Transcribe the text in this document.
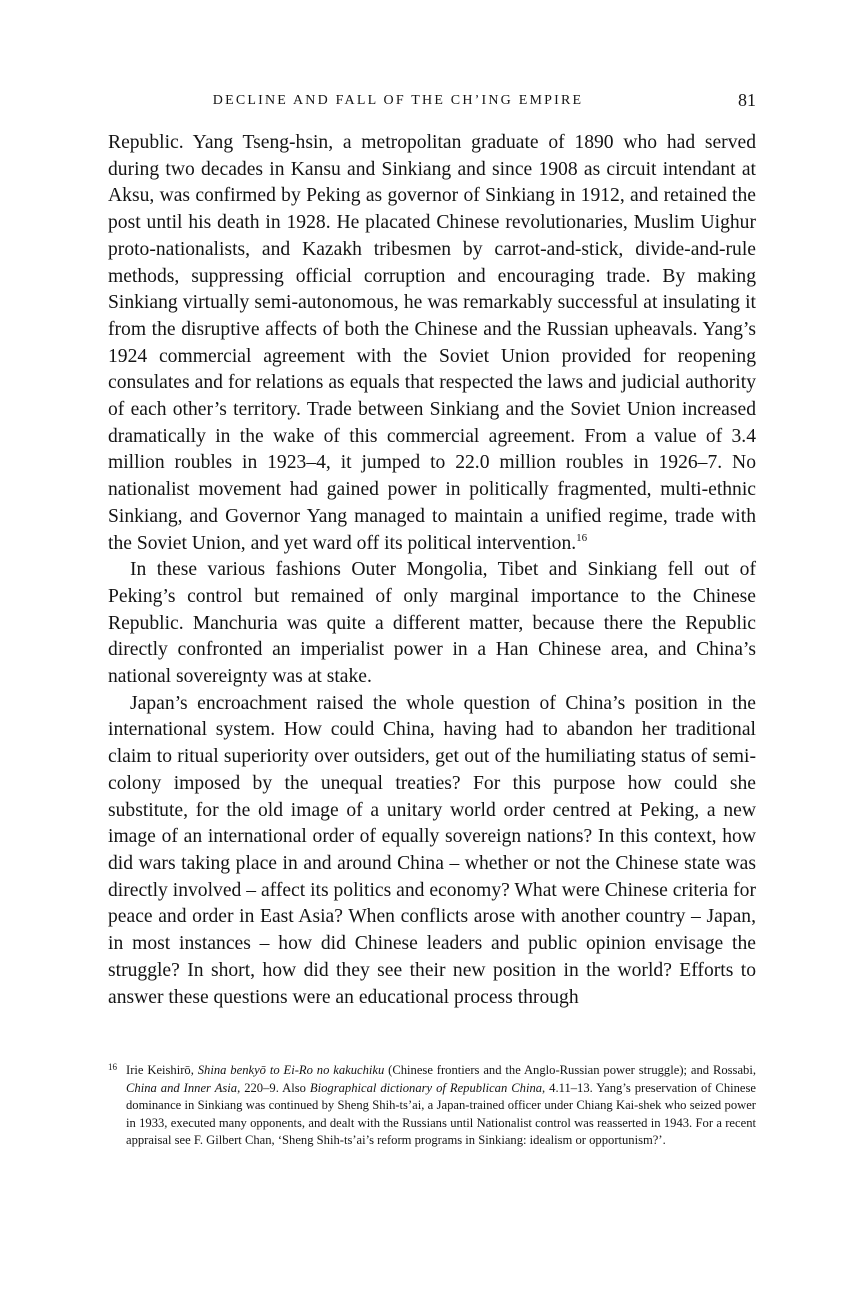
DECLINE AND FALL OF THE CH’ING EMPIRE	81

Republic. Yang Tseng-hsin, a metropolitan graduate of 1890 who had served during two decades in Kansu and Sinkiang and since 1908 as circuit intendant at Aksu, was confirmed by Peking as governor of Sinkiang in 1912, and retained the post until his death in 1928. He placated Chinese revolutionaries, Muslim Uighur proto-nationalists, and Kazakh tribesmen by carrot-and-stick, divide-and-rule methods, suppressing official corruption and encouraging trade. By making Sinkiang virtually semi-autonomous, he was remarkably successful at insulating it from the disruptive affects of both the Chinese and the Russian upheavals. Yang’s 1924 commercial agreement with the Soviet Union provided for reopening consulates and for relations as equals that respected the laws and judicial authority of each other’s territory. Trade between Sinkiang and the Soviet Union increased dramatically in the wake of this commercial agreement. From a value of 3.4 million roubles in 1923–4, it jumped to 22.0 million roubles in 1926–7. No nationalist movement had gained power in politically fragmented, multi-ethnic Sinkiang, and Governor Yang managed to maintain a unified regime, trade with the Soviet Union, and yet ward off its political intervention.$^{16}$

In these various fashions Outer Mongolia, Tibet and Sinkiang fell out of Peking’s control but remained of only marginal importance to the Chinese Republic. Manchuria was quite a different matter, because there the Republic directly confronted an imperialist power in a Han Chinese area, and China’s national sovereignty was at stake.

Japan’s encroachment raised the whole question of China’s position in the international system. How could China, having had to abandon her traditional claim to ritual superiority over outsiders, get out of the humiliating status of semi-colony imposed by the unequal treaties? For this purpose how could she substitute, for the old image of a unitary world order centred at Peking, a new image of an international order of equally sovereign nations? In this context, how did wars taking place in and around China – whether or not the Chinese state was directly involved – affect its politics and economy? What were Chinese criteria for peace and order in East Asia? When conflicts arose with another country – Japan, in most instances – how did Chinese leaders and public opinion envisage the struggle? In short, how did they see their new position in the world? Efforts to answer these questions were an educational process through

16 Irie Keishirō, Shina benkyō to Ei-Ro no kakuchiku (Chinese frontiers and the Anglo-Russian power struggle); and Rossabi, China and Inner Asia, 220–9. Also Biographical dictionary of Republican China, 4.11–13. Yang’s preservation of Chinese dominance in Sinkiang was continued by Sheng Shih-ts’ai, a Japan-trained officer under Chiang Kai-shek who seized power in 1933, executed many opponents, and dealt with the Russians until Nationalist control was reasserted in 1943. For a recent appraisal see F. Gilbert Chan, ‘Sheng Shih-ts’ai’s reform programs in Sinkiang: idealism or opportunism?’.
